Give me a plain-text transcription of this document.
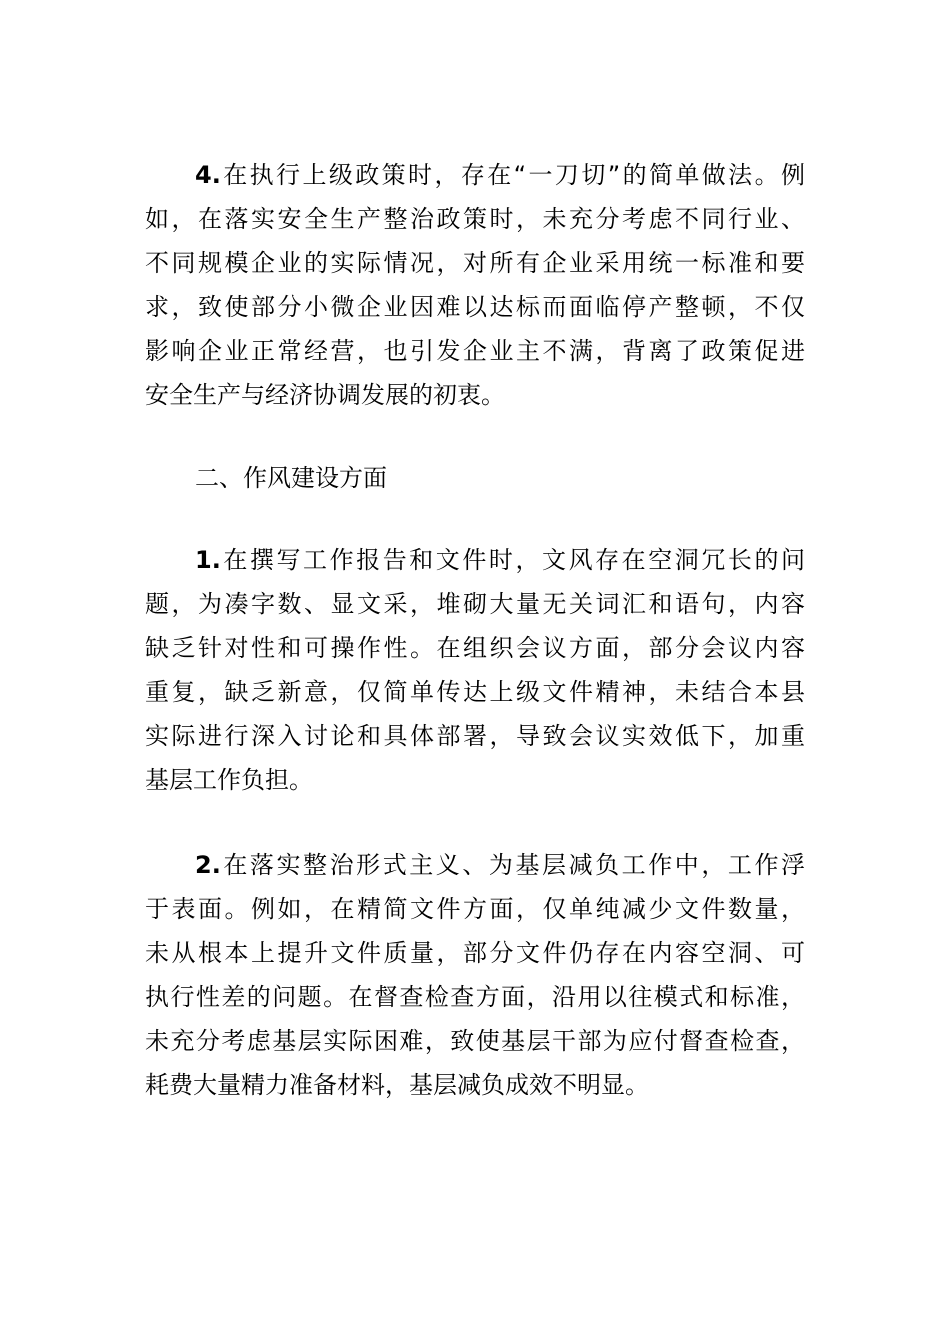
4.在执行上级政策时，存在“一刀切”的简单做法。例
如，在落实安全生产整治政策时，未充分考虑不同行业、
不同规模企业的实际情况，对所有企业采用统一标准和要
求，致使部分小微企业因难以达标而面临停产整顿，不仅
影响企业正常经营，也引发企业主不满，背离了政策促进
安全生产与经济协调发展的初衷。
二、作风建设方面
1.在撰写工作报告和文件时，文风存在空洞冗长的问
题，为凑字数、显文采，堆砌大量无关词汇和语句，内容
缺乏针对性和可操作性。在组织会议方面，部分会议内容
重复，缺乏新意，仅简单传达上级文件精神，未结合本县
实际进行深入讨论和具体部署，导致会议实效低下，加重
基层工作负担。
2.在落实整治形式主义、为基层减负工作中，工作浮
于表面。例如，在精简文件方面，仅单纯减少文件数量，
未从根本上提升文件质量，部分文件仍存在内容空洞、可
执行性差的问题。在督查检查方面，沿用以往模式和标准，
未充分考虑基层实际困难，致使基层干部为应付督查检查，
耗费大量精力准备材料，基层减负成效不明显。
